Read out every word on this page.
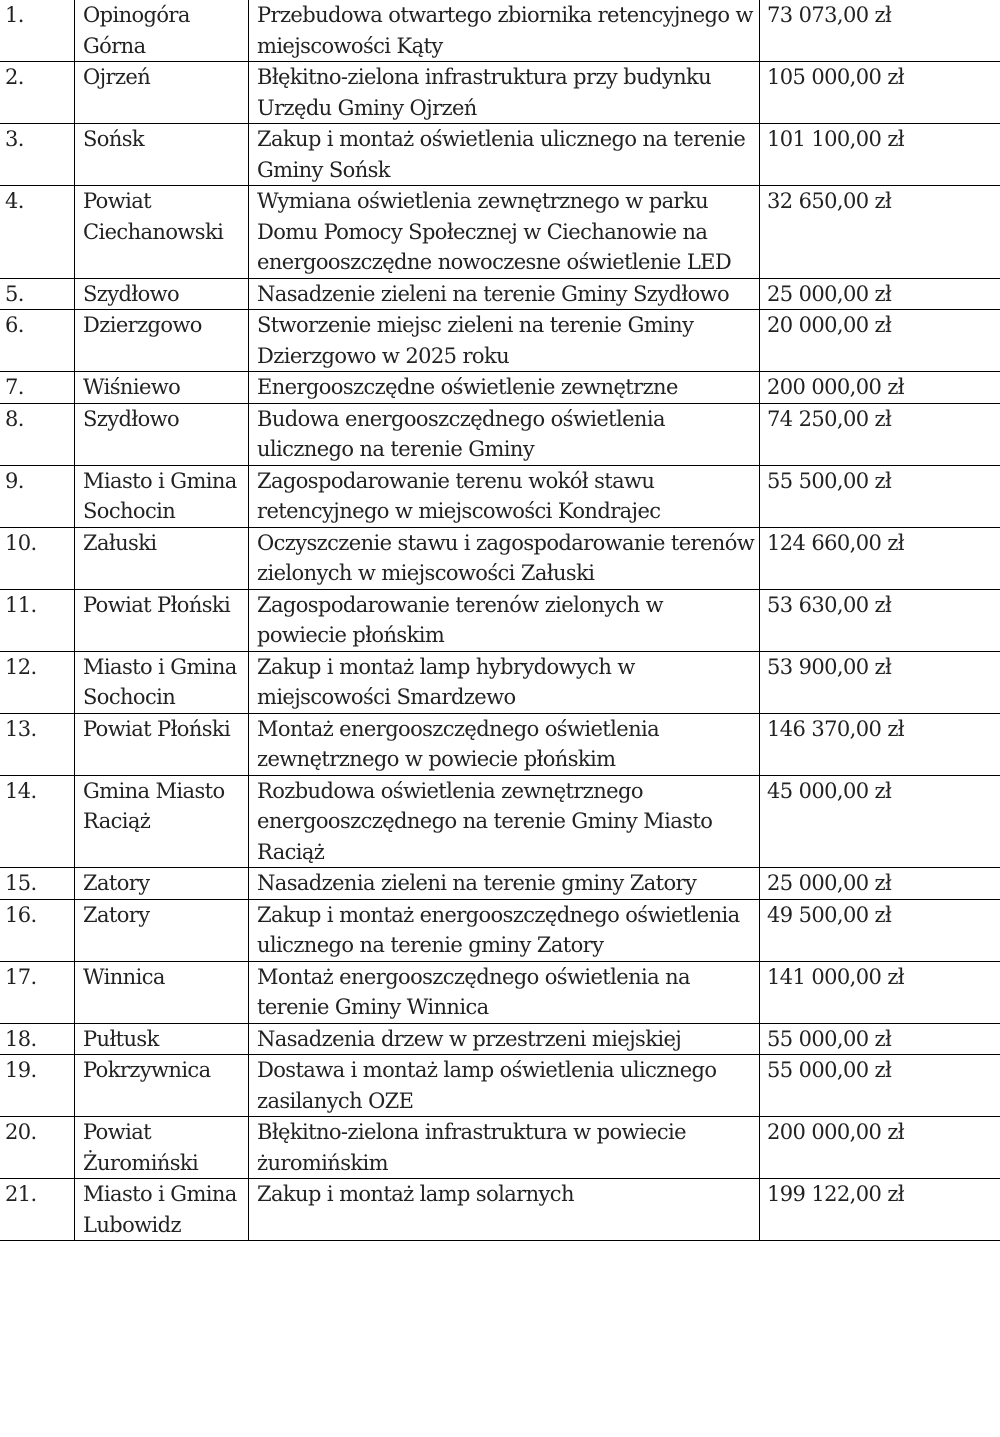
1.	Opinogóra Górna	Przebudowa otwartego zbiornika retencyjnego w miejscowości Kąty	73 073,00 zł

2.	Ojrzeń	Błękitno-zielona infrastruktura przy budynku Urzędu Gminy Ojrzeń	105 000,00 zł

3.	Sońsk	Zakup i montaż oświetlenia ulicznego na terenie Gminy Sońsk	101 100,00 zł

4.	Powiat Ciechanowski	Wymiana oświetlenia zewnętrznego w parku Domu Pomocy Społecznej w Ciechanowie na energooszczędne nowoczesne oświetlenie LED	32 650,00 zł

5.	Szydłowo	Nasadzenie zieleni na terenie Gminy Szydłowo	25 000,00 zł

6.	Dzierzgowo	Stworzenie miejsc zieleni na terenie Gminy Dzierzgowo w 2025 roku	20 000,00 zł

7.	Wiśniewo	Energooszczędne oświetlenie zewnętrzne	200 000,00 zł

8.	Szydłowo	Budowa energooszczędnego oświetlenia ulicznego na terenie Gminy	74 250,00 zł

9.	Miasto i Gmina Sochocin	Zagospodarowanie terenu wokół stawu retencyjnego w miejscowości Kondrajec	55 500,00 zł

10.	Załuski	Oczyszczenie stawu i zagospodarowanie terenów zielonych w miejscowości Załuski	124 660,00 zł

11.	Powiat Płoński	Zagospodarowanie terenów zielonych w powiecie płońskim	53 630,00 zł

12.	Miasto i Gmina Sochocin	Zakup i montaż lamp hybrydowych w miejscowości Smardzewo	53 900,00 zł

13.	Powiat Płoński	Montaż energooszczędnego oświetlenia zewnętrznego w powiecie płońskim	146 370,00 zł

14.	Gmina Miasto Raciąż	Rozbudowa oświetlenia zewnętrznego energooszczędnego na terenie Gminy Miasto Raciąż	45 000,00 zł

15.	Zatory	Nasadzenia zieleni na terenie gminy Zatory	25 000,00 zł

16.	Zatory	Zakup i montaż energooszczędnego oświetlenia ulicznego na terenie gminy Zatory	49 500,00 zł

17.	Winnica	Montaż energooszczędnego oświetlenia na terenie Gminy Winnica	141 000,00 zł

18.	Pułtusk	Nasadzenia drzew w przestrzeni miejskiej	55 000,00 zł

19.	Pokrzywnica	Dostawa i montaż lamp oświetlenia ulicznego zasilanych OZE	55 000,00 zł

20.	Powiat Żuromiński	Błękitno-zielona infrastruktura w powiecie żuromińskim	200 000,00 zł

21.	Miasto i Gmina Lubowidz	Zakup i montaż lamp solarnych	199 122,00 zł
